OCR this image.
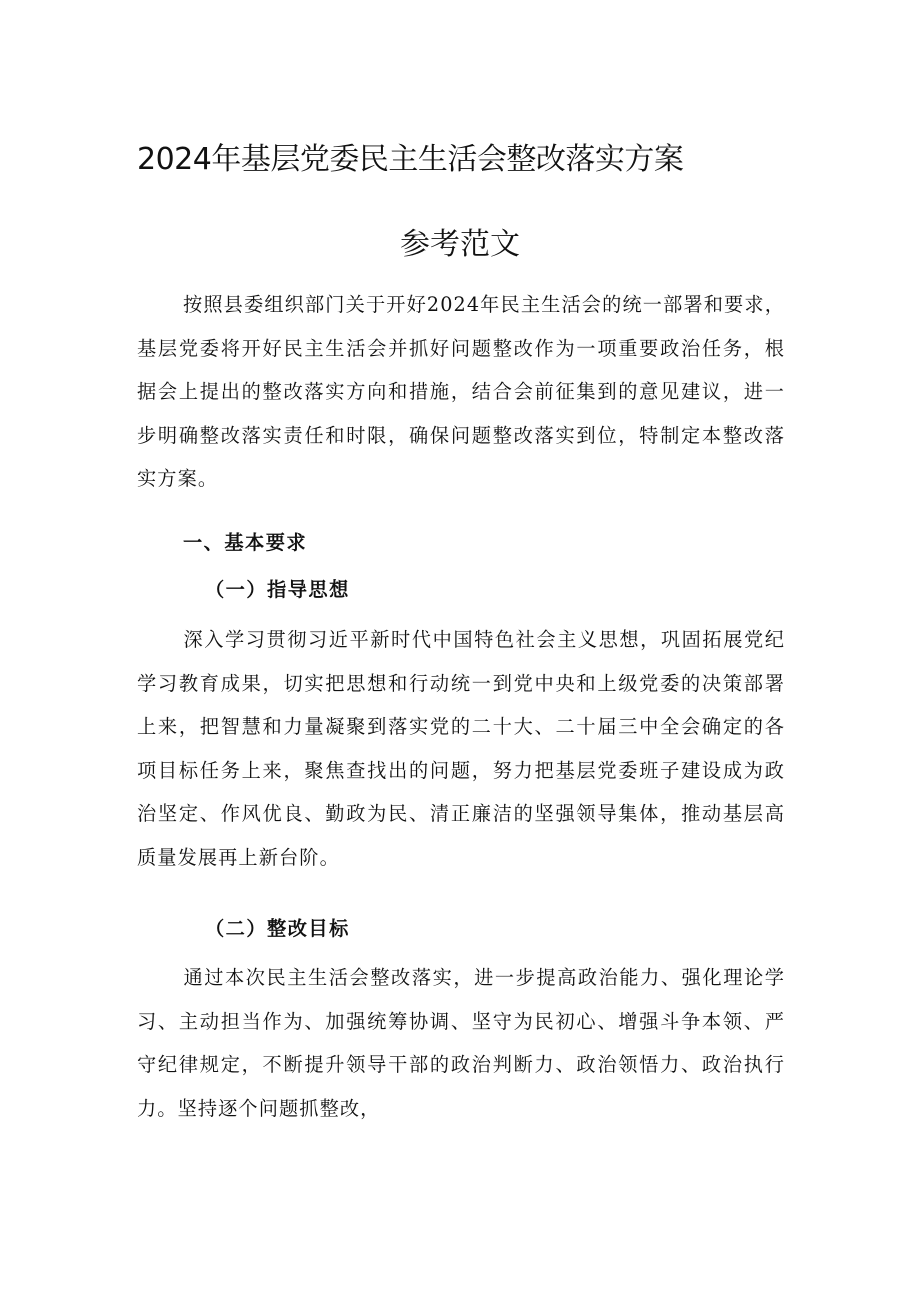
2024年基层党委民主生活会整改落实方案
参考范文

按照县委组织部门关于开好2024年民主生活会的统一部署和要求，基层党委将开好民主生活会并抓好问题整改作为一项重要政治任务，根据会上提出的整改落实方向和措施，结合会前征集到的意见建议，进一步明确整改落实责任和时限，确保问题整改落实到位，特制定本整改落实方案。

一、基本要求
（一）指导思想

深入学习贯彻习近平新时代中国特色社会主义思想，巩固拓展党纪学习教育成果，切实把思想和行动统一到党中央和上级党委的决策部署上来，把智慧和力量凝聚到落实党的二十大、二十届三中全会确定的各项目标任务上来，聚焦查找出的问题，努力把基层党委班子建设成为政治坚定、作风优良、勤政为民、清正廉洁的坚强领导集体，推动基层高质量发展再上新台阶。

（二）整改目标

通过本次民主生活会整改落实，进一步提高政治能力、强化理论学习、主动担当作为、加强统筹协调、坚守为民初心、增强斗争本领、严守纪律规定，不断提升领导干部的政治判断力、政治领悟力、政治执行力。坚持逐个问题抓整改，
